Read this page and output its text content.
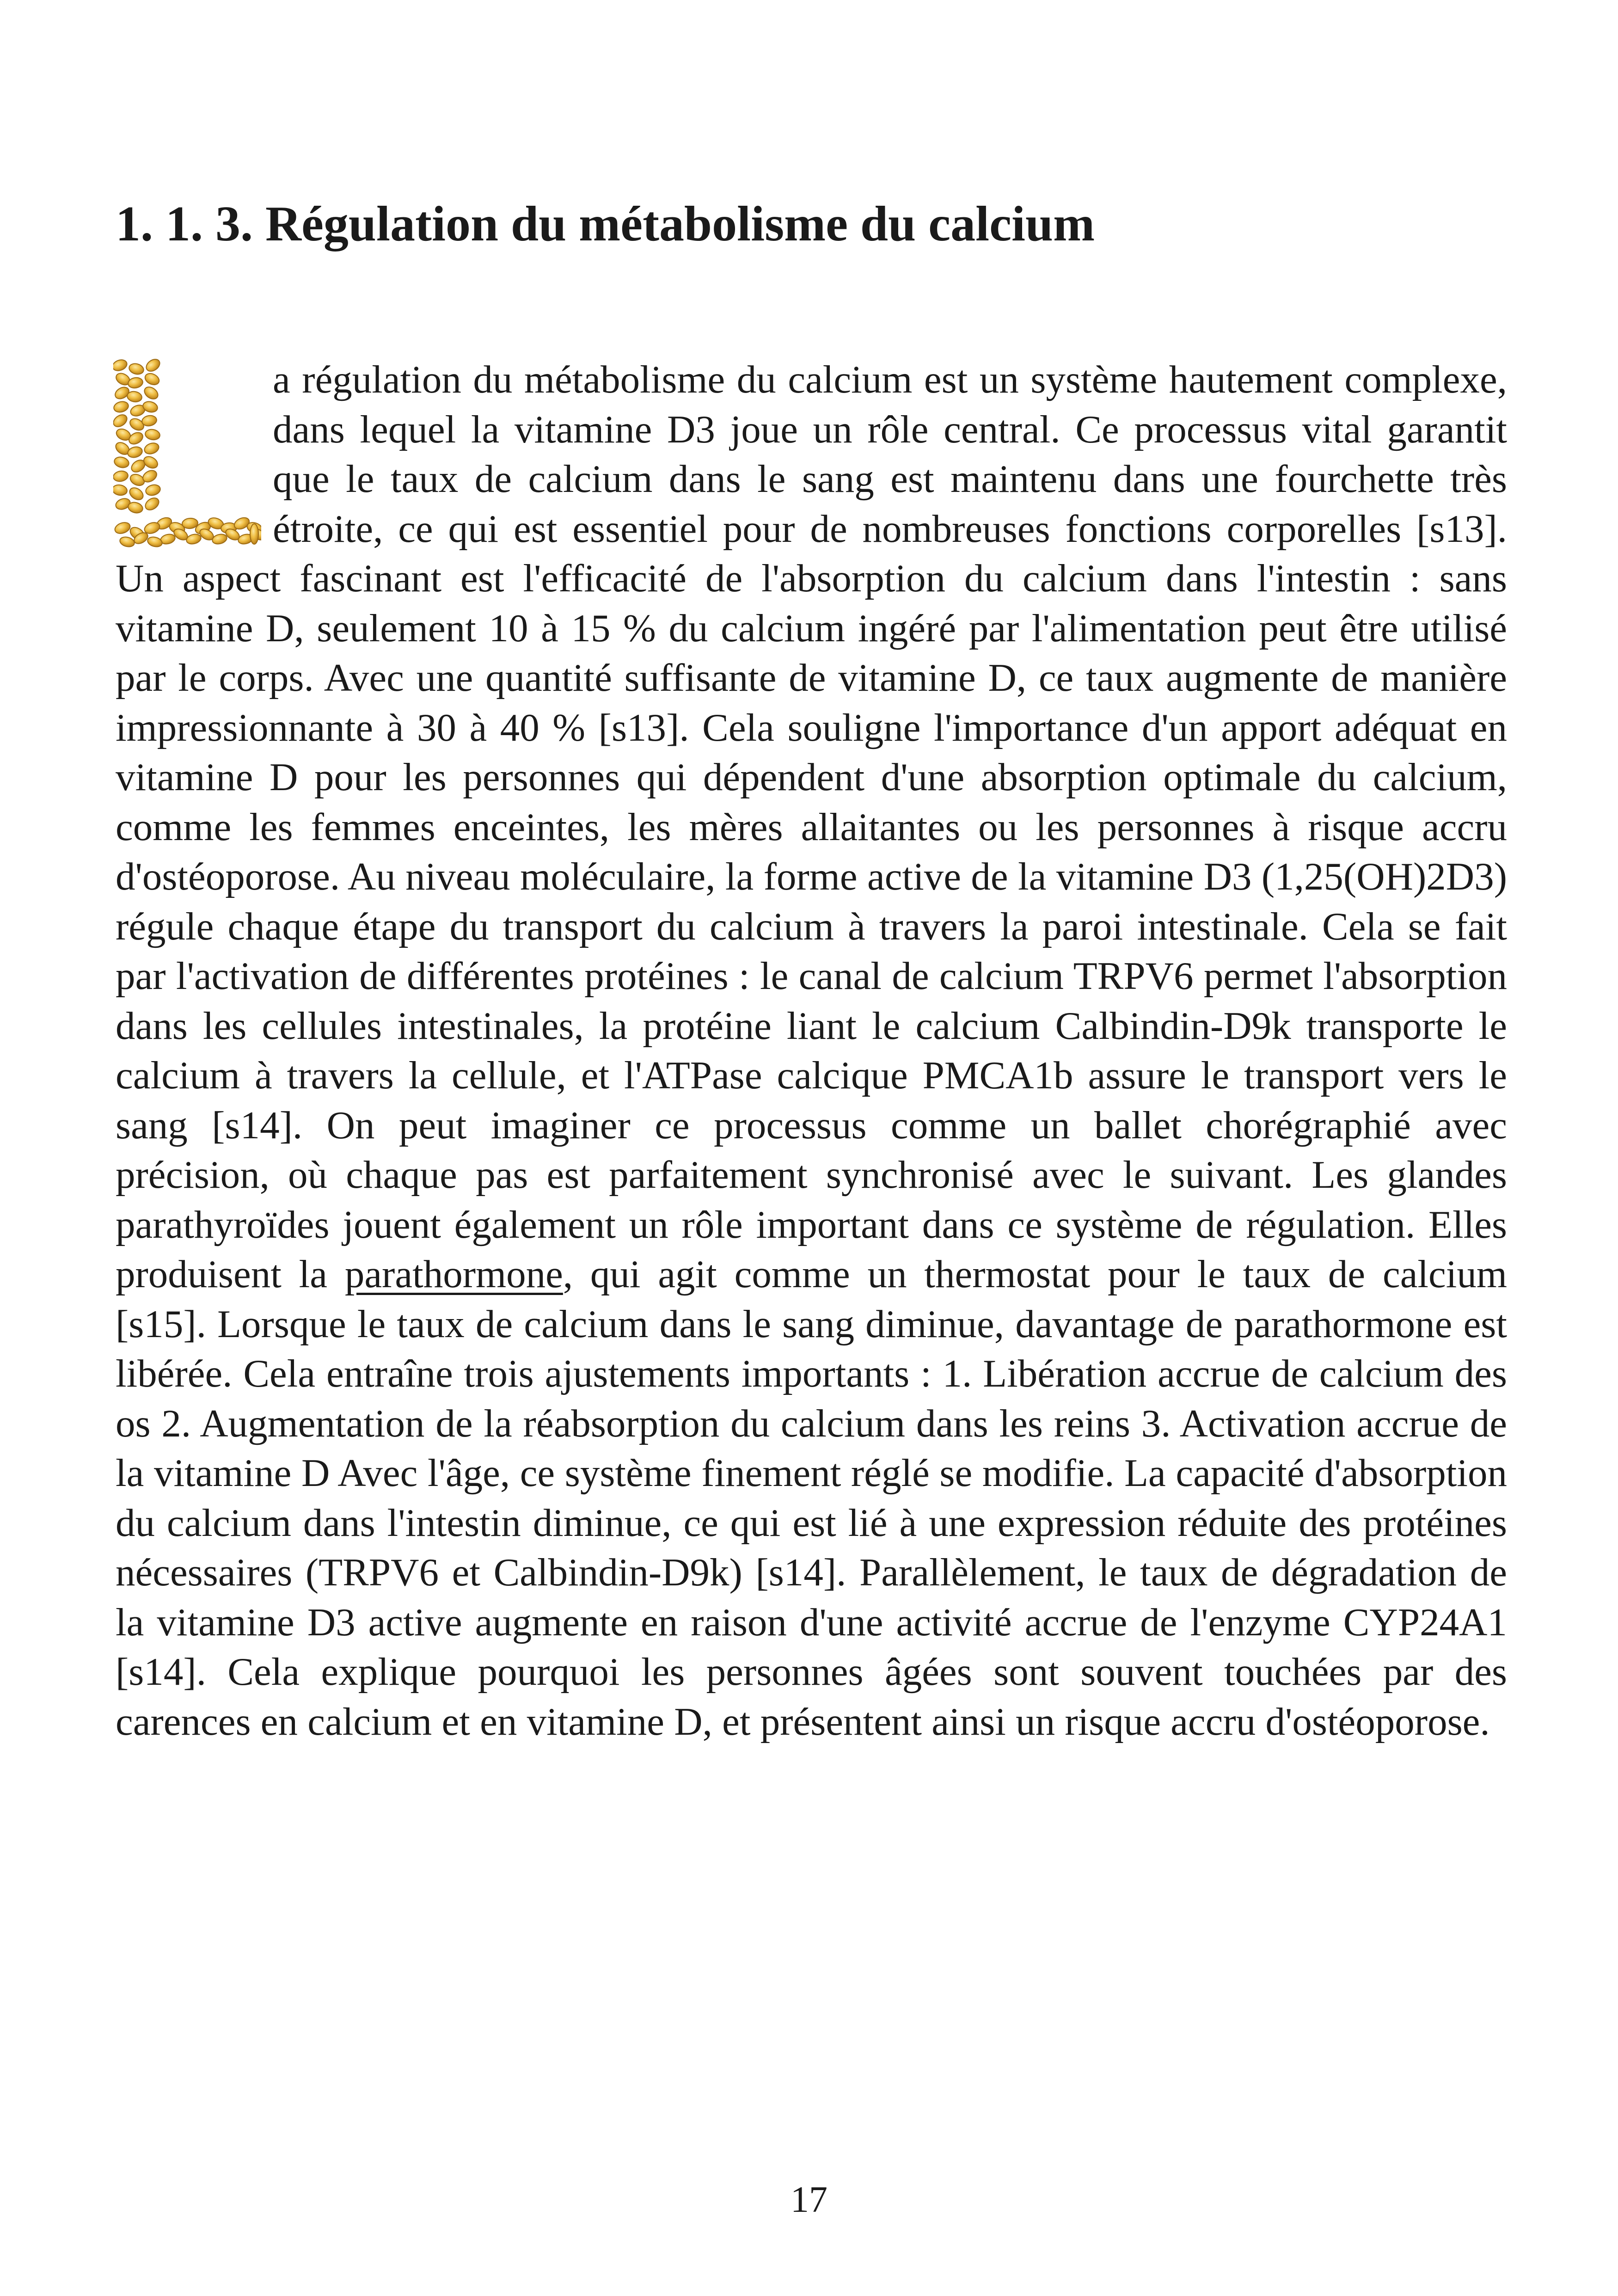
1. 1. 3. Régulation du métabolisme du calcium

a régulation du métabolisme du calcium est un système hautement complexe, dans lequel la vitamine D3 joue un rôle central. Ce processus vital garantit que le taux de calcium dans le sang est maintenu dans une fourchette très étroite, ce qui est essentiel pour de nombreuses fonctions corporelles [s13]. Un aspect fascinant est l'efficacité de l'absorption du calcium dans l'intestin : sans vitamine D, seulement 10 à 15 % du calcium ingéré par l'alimentation peut être utilisé par le corps. Avec une quantité suffisante de vitamine D, ce taux augmente de manière impressionnante à 30 à 40 % [s13]. Cela souligne l'importance d'un apport adéquat en vitamine D pour les personnes qui dépendent d'une absorption optimale du calcium, comme les femmes enceintes, les mères allaitantes ou les personnes à risque accru d'ostéoporose. Au niveau moléculaire, la forme active de la vitamine D3 (1,25(OH)2D3) régule chaque étape du transport du calcium à travers la paroi intestinale. Cela se fait par l'activation de différentes protéines : le canal de calcium TRPV6 permet l'absorption dans les cellules intestinales, la protéine liant le calcium Calbindin-D9k transporte le calcium à travers la cellule, et l'ATPase calcique PMCA1b assure le transport vers le sang [s14]. On peut imaginer ce processus comme un ballet chorégraphié avec précision, où chaque pas est parfaitement synchronisé avec le suivant. Les glandes parathyroïdes jouent également un rôle important dans ce système de régulation. Elles produisent la parathormone, qui agit comme un thermostat pour le taux de calcium [s15]. Lorsque le taux de calcium dans le sang diminue, davantage de parathormone est libérée. Cela entraîne trois ajustements importants : 1. Libération accrue de calcium des os 2. Augmentation de la réabsorption du calcium dans les reins 3. Activation accrue de la vitamine D Avec l'âge, ce système finement réglé se modifie. La capacité d'absorption du calcium dans l'intestin diminue, ce qui est lié à une expression réduite des protéines nécessaires (TRPV6 et Calbindin-D9k) [s14]. Parallèlement, le taux de dégradation de la vitamine D3 active augmente en raison d'une activité accrue de l'enzyme CYP24A1 [s14]. Cela explique pourquoi les personnes âgées sont souvent touchées par des carences en calcium et en vitamine D, et présentent ainsi un risque accru d'ostéoporose.

17
